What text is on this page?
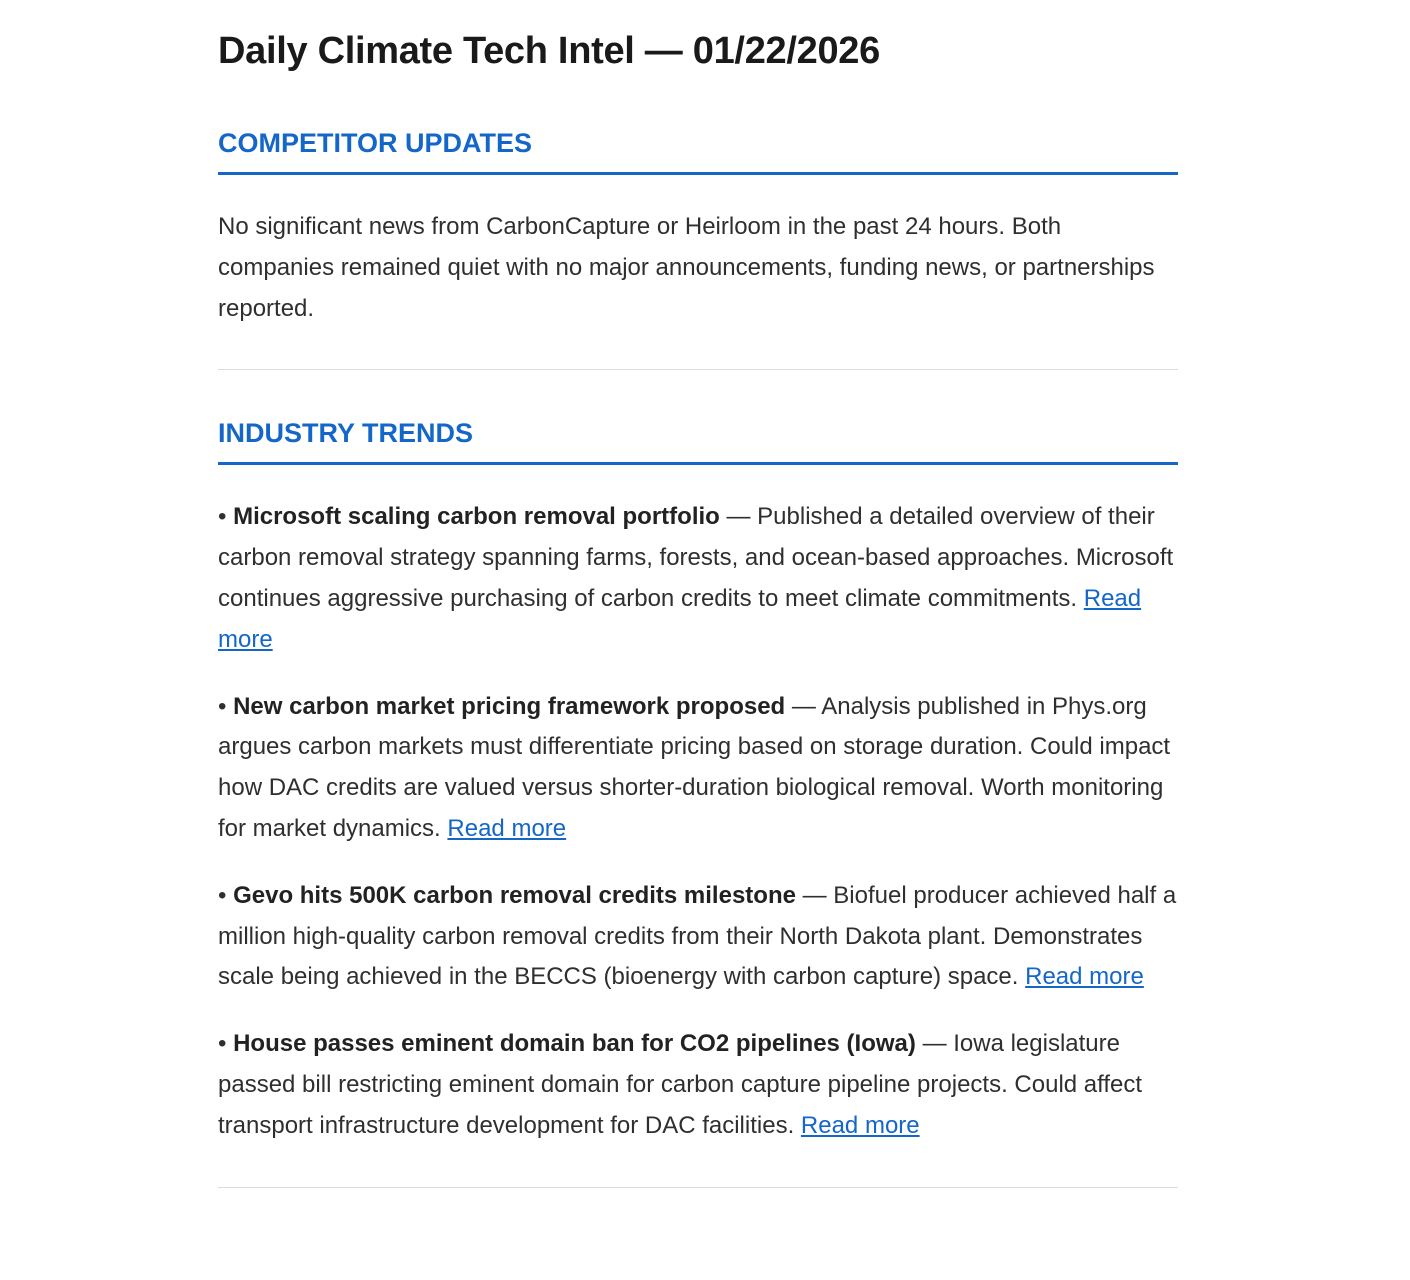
Daily Climate Tech Intel — 01/22/2026
COMPETITOR UPDATES

No significant news from CarbonCapture or Heirloom in the past 24 hours. Both companies remained quiet with no major announcements, funding news, or partnerships reported.

INDUSTRY TRENDS

• Microsoft scaling carbon removal portfolio — Published a detailed overview of their carbon removal strategy spanning farms, forests, and ocean-based approaches. Microsoft continues aggressive purchasing of carbon credits to meet climate commitments. Read more

• New carbon market pricing framework proposed — Analysis published in Phys.org argues carbon markets must differentiate pricing based on storage duration. Could impact how DAC credits are valued versus shorter-duration biological removal. Worth monitoring for market dynamics. Read more

• Gevo hits 500K carbon removal credits milestone — Biofuel producer achieved half a million high-quality carbon removal credits from their North Dakota plant. Demonstrates scale being achieved in the BECCS (bioenergy with carbon capture) space. Read more

• House passes eminent domain ban for CO2 pipelines (Iowa) — Iowa legislature passed bill restricting eminent domain for carbon capture pipeline projects. Could affect transport infrastructure development for DAC facilities. Read more
